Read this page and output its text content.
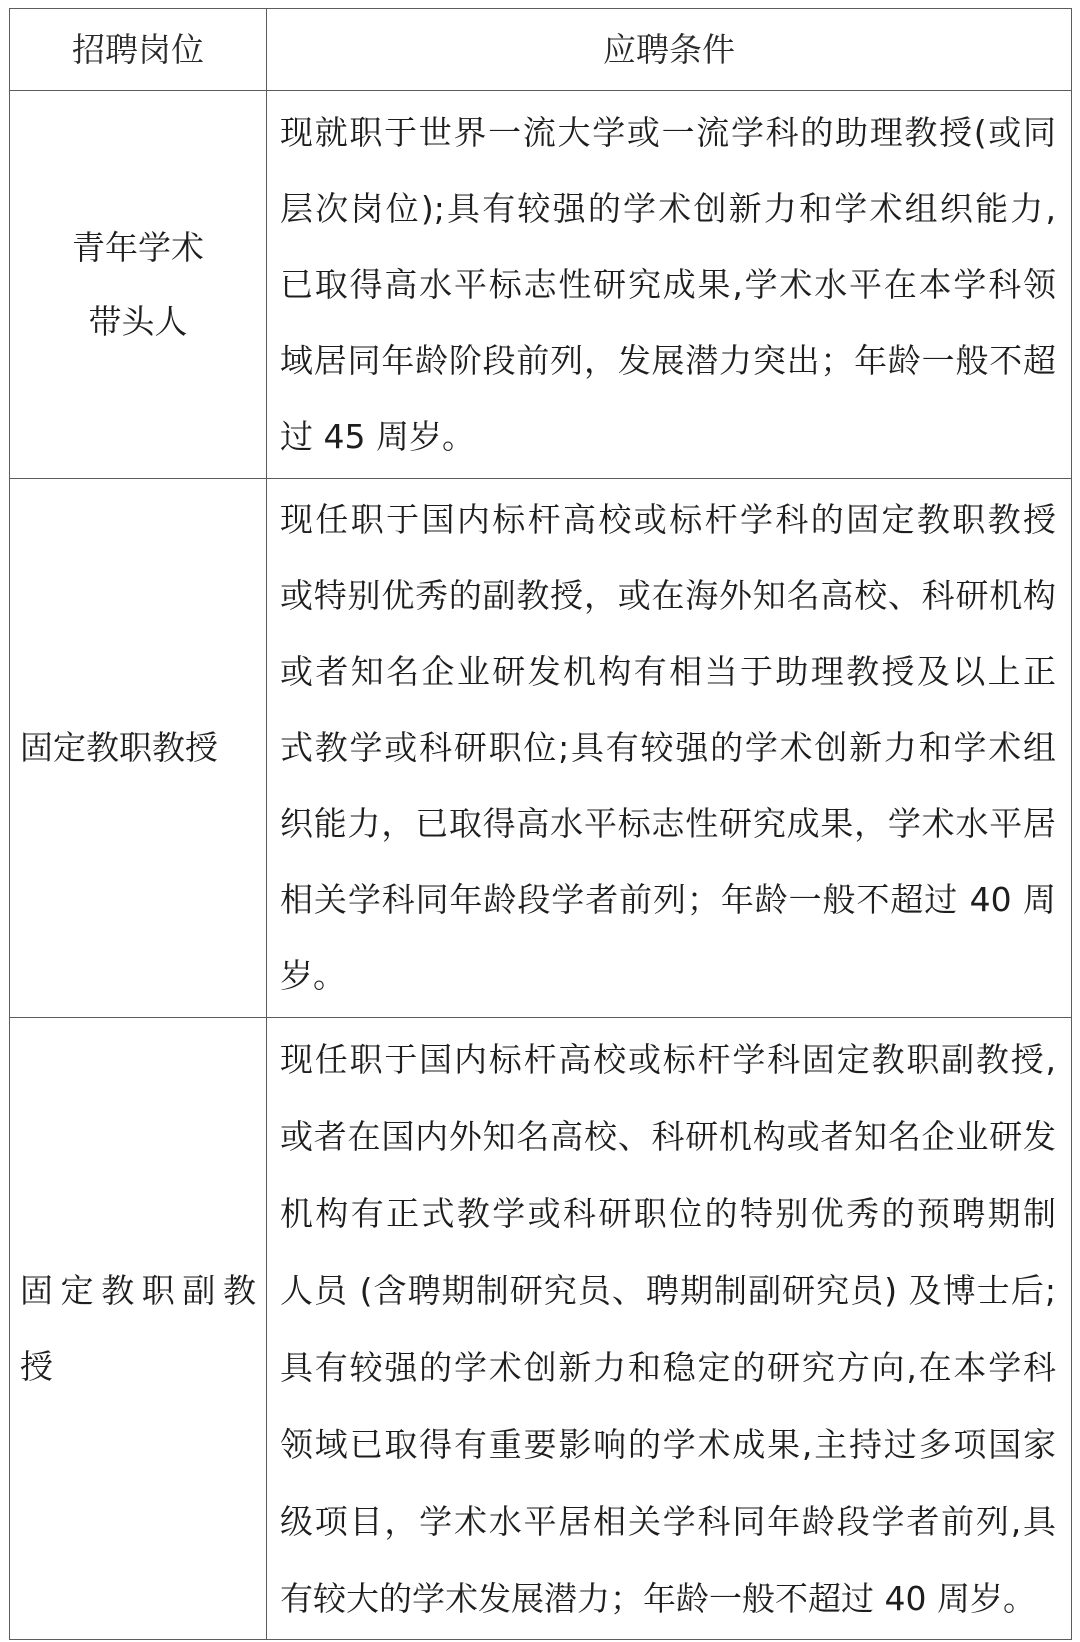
招聘岗位	应聘条件
青年学术
带头人
现就职于世界一流大学或一流学科的助理教授(或同
层次岗位);具有较强的学术创新力和学术组织能力,
已取得高水平标志性研究成果,学术水平在本学科领
域居同年龄阶段前列，发展潜力突出；年龄一般不超
过 45 周岁。
固定教职教授
现任职于国内标杆高校或标杆学科的固定教职教授
或特别优秀的副教授，或在海外知名高校、科研机构
或者知名企业研发机构有相当于助理教授及以上正
式教学或科研职位;具有较强的学术创新力和学术组
织能力，已取得高水平标志性研究成果，学术水平居
相关学科同年龄段学者前列；年龄一般不超过 40 周
岁。
固定教职副教
授
现任职于国内标杆高校或标杆学科固定教职副教授,
或者在国内外知名高校、科研机构或者知名企业研发
机构有正式教学或科研职位的特别优秀的预聘期制
人员 (含聘期制研究员、聘期制副研究员) 及博士后;
具有较强的学术创新力和稳定的研究方向,在本学科
领域已取得有重要影响的学术成果,主持过多项国家
级项目，学术水平居相关学科同年龄段学者前列,具
有较大的学术发展潜力；年龄一般不超过 40 周岁。
